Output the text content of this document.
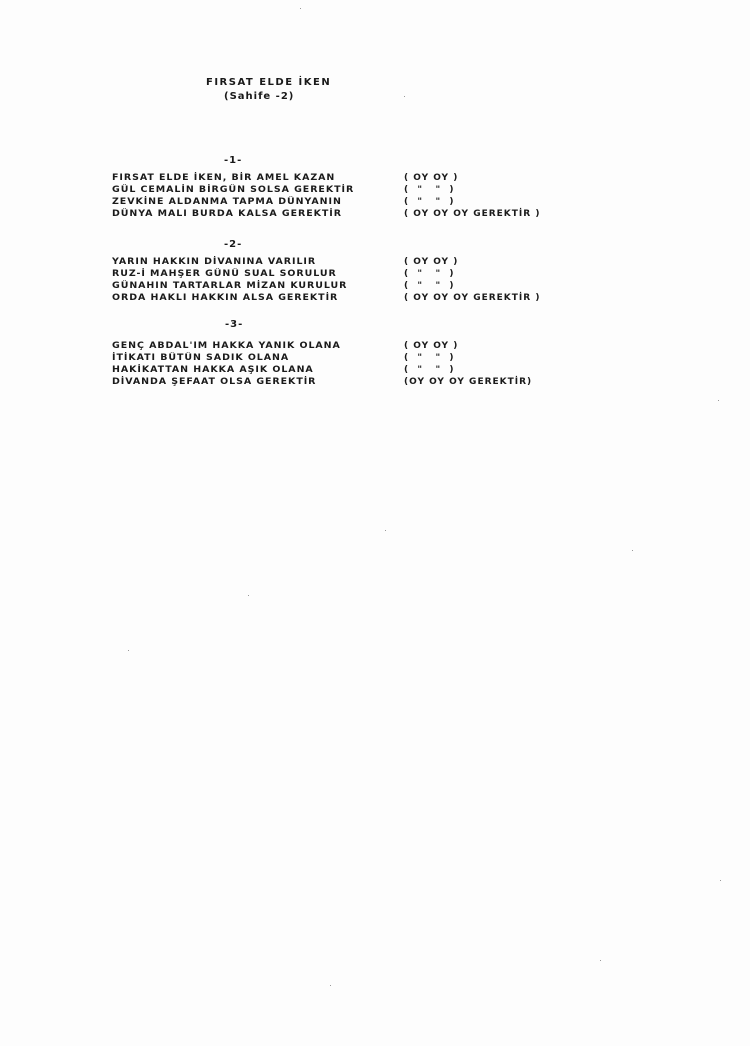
FIRSAT ELDE İKEN
(Sahife -2)
-1-
FIRSAT ELDE İKEN, BİR AMEL KAZAN	( OY OY )
GÜL CEMALİN BİRGÜN SOLSA GEREKTİR	(  "   "  )
ZEVKİNE ALDANMA TAPMA DÜNYANIN	(  "   "  )
DÜNYA MALI BURDA KALSA GEREKTİR	( OY OY OY GEREKTİR )
-2-
YARIN HAKKIN DİVANINA VARILIR	( OY OY )
RUZ-İ MAHŞER GÜNÜ SUAL SORULUR	(  "   "  )
GÜNAHIN TARTARLAR MİZAN KURULUR	(  "   "  )
ORDA HAKLI HAKKIN ALSA GEREKTİR	( OY OY OY GEREKTİR )
-3-
GENÇ ABDAL'IM HAKKA YANIK OLANA	( OY OY )
İTİKATI BÜTÜN SADIK OLANA	(  "   "  )
HAKİKATTAN HAKKA AŞIK OLANA	(  "   "  )
DİVANDA ŞEFAAT OLSA GEREKTİR	(OY OY OY GEREKTİR)
